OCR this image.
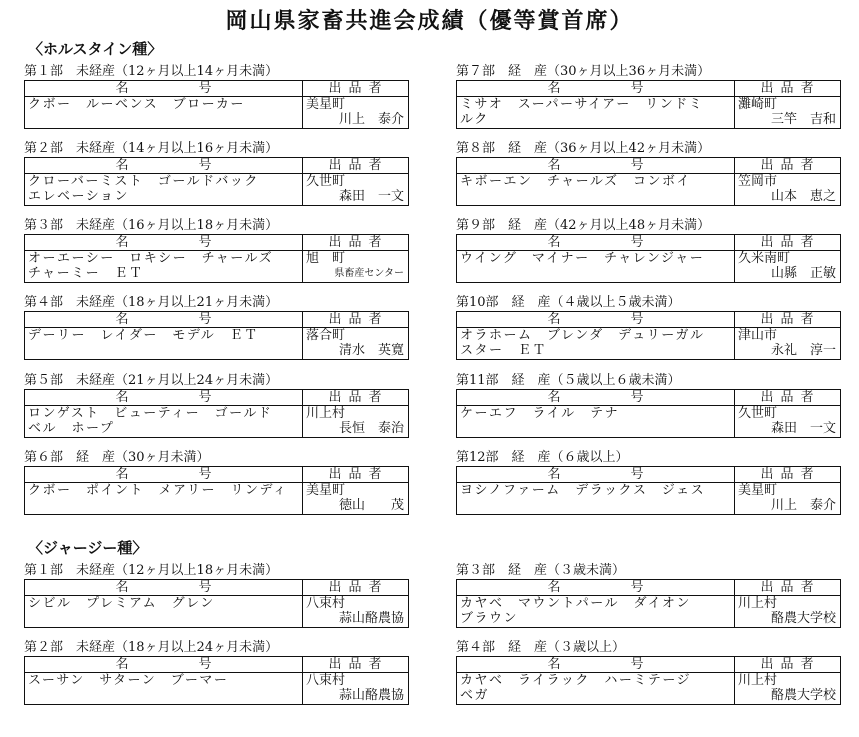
岡山県家畜共進会成績（優等賞首席）
〈ホルスタイン種〉
〈ジャージー種〉
第１部　未経産（12ヶ月以上14ヶ月未満）
名号	出品者
クボー　ルーベンス　ブローカー	美星町
川上　泰介
第２部　未経産（14ヶ月以上16ヶ月未満）
名号	出品者
クローバーミスト　ゴールドバック
エレベーション	久世町
森田　一文
第３部　未経産（16ヶ月以上18ヶ月未満）
名号	出品者
オーエーシー　ロキシー　チャールズ
チャーミー　ＥＴ	旭　町
県畜産センター
第４部　未経産（18ヶ月以上21ヶ月未満）
名号	出品者
デーリー　レイダー　モデル　ＥＴ	落合町
清水　英寛
第５部　未経産（21ヶ月以上24ヶ月未満）
名号	出品者
ロンゲスト　ビューティー　ゴールド
ベル　ホープ	川上村
長恒　泰治
第６部　経　産（30ヶ月未満）
名号	出品者
クボー　ポイント　メアリー　リンディ	美星町
徳山　　茂
第７部　経　産（30ヶ月以上36ヶ月未満）
名号	出品者
ミサオ　スーパーサイアー　リンドミ
ルク	灘崎町
三竿　吉和
第８部　経　産（36ヶ月以上42ヶ月未満）
名号	出品者
キボーエン　チャールズ　コンボイ	笠岡市
山本　恵之
第９部　経　産（42ヶ月以上48ヶ月未満）
名号	出品者
ウイング　マイナー　チャレンジャー	久米南町
山縣　正敏
第10部　経　産（４歳以上５歳未満）
名号	出品者
オラホーム　ブレンダ　デュリーガル
スター　ＥＴ	津山市
永礼　淳一
第11部　経　産（５歳以上６歳未満）
名号	出品者
ケーエフ　ライル　テナ	久世町
森田　一文
第12部　経　産（６歳以上）
名号	出品者
ヨシノファーム　デラックス　ジェス	美星町
川上　泰介
第１部　未経産（12ヶ月以上18ヶ月未満）
名号	出品者
シビル　プレミアム　グレン	八束村
蒜山酪農協
第２部　未経産（18ヶ月以上24ヶ月未満）
名号	出品者
スーサン　サターン　ブーマー	八束村
蒜山酪農協
第３部　経　産（３歳未満）
名号	出品者
カヤベ　マウントパール　ダイオン
ブラウン	川上村
酪農大学校
第４部　経　産（３歳以上）
名号	出品者
カヤベ　ライラック　ハーミテージ
ベガ	川上村
酪農大学校
